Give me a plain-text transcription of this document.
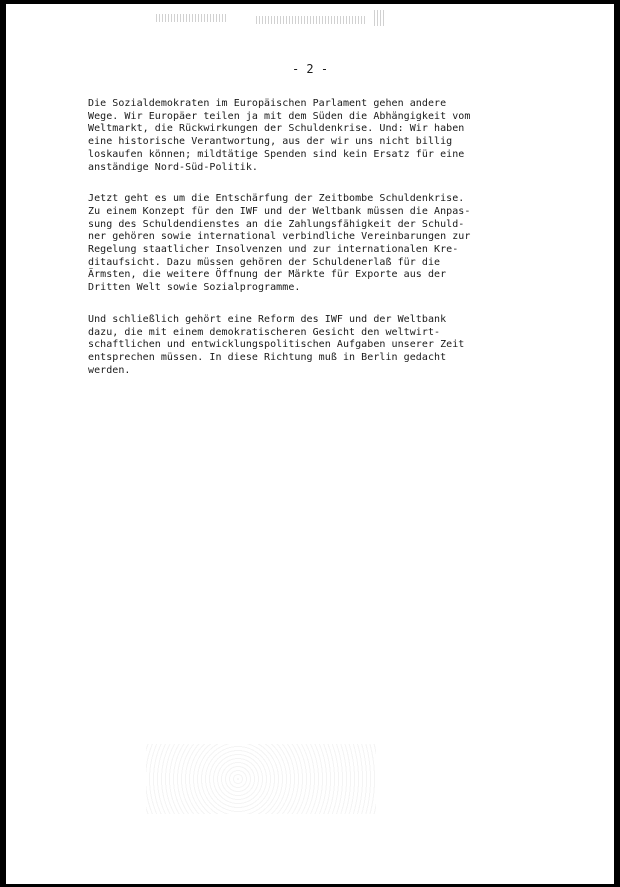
- 2 -
Die Sozialdemokraten im Europäischen Parlament gehen andere
Wege. Wir Europäer teilen ja mit dem Süden die Abhängigkeit vom
Weltmarkt, die Rückwirkungen der Schuldenkrise. Und: Wir haben
eine historische Verantwortung, aus der wir uns nicht billig
loskaufen können; mildtätige Spenden sind kein Ersatz für eine
anständige Nord-Süd-Politik.
Jetzt geht es um die Entschärfung der Zeitbombe Schuldenkrise.
Zu einem Konzept für den IWF und der Weltbank müssen die Anpas-
sung des Schuldendienstes an die Zahlungsfähigkeit der Schuld-
ner gehören sowie international verbindliche Vereinbarungen zur
Regelung staatlicher Insolvenzen und zur internationalen Kre-
ditaufsicht. Dazu müssen gehören der Schuldenerlaß für die
Ärmsten, die weitere Öffnung der Märkte für Exporte aus der
Dritten Welt sowie Sozialprogramme.
Und schließlich gehört eine Reform des IWF und der Weltbank
dazu, die mit einem demokratischeren Gesicht den weltwirt-
schaftlichen und entwicklungspolitischen Aufgaben unserer Zeit
entsprechen müssen. In diese Richtung muß in Berlin gedacht
werden.
